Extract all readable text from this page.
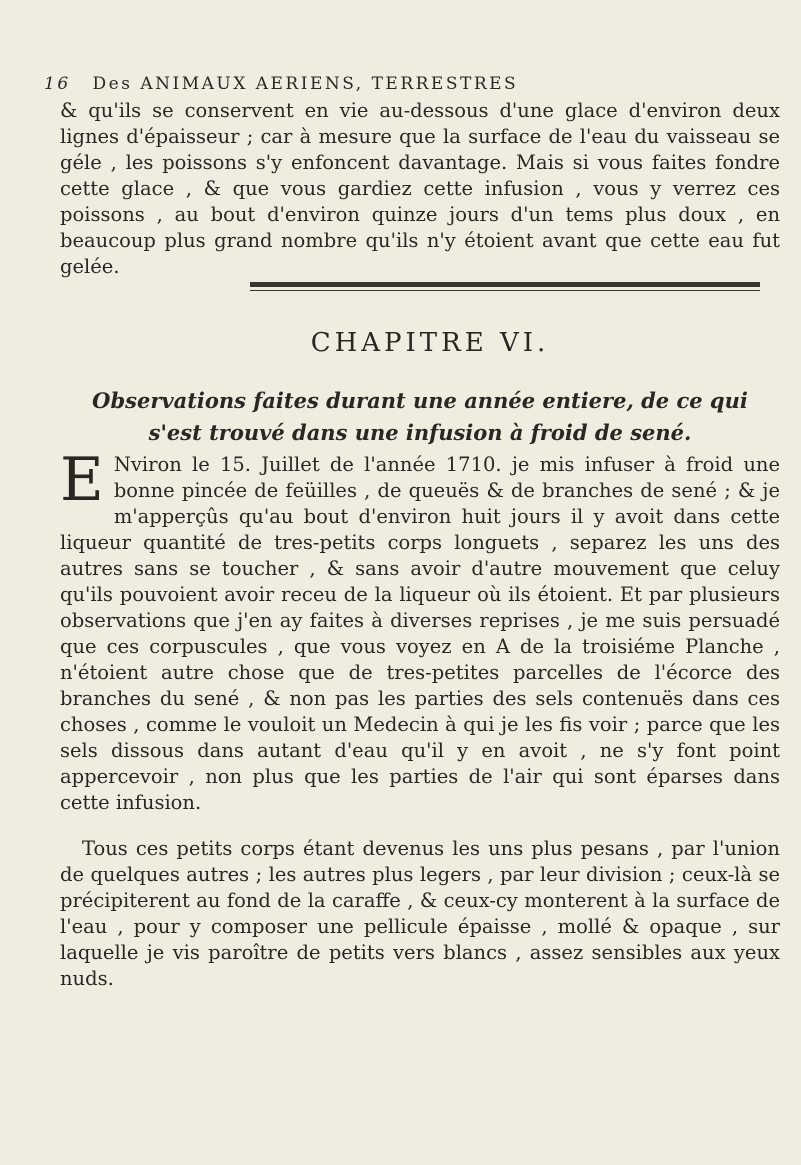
16 Des ANIMAUX AERIENS, TERRESTRES
& qu'ils se conservent en vie au-dessous d'une glace d'environ deux lignes d'épaisseur ; car à mesure que la surface de l'eau du vaisseau se géle , les poissons s'y enfoncent davantage. Mais si vous faites fondre cette glace , & que vous gardiez cette infusion , vous y verrez ces poissons , au bout d'environ quinze jours d'un tems plus doux , en beaucoup plus grand nombre qu'ils n'y étoient avant que cette eau fut gelée.
CHAPITRE VI.
Observations faites durant une année entiere, de ce qui s'est trouvé dans une infusion à froid de sené.
E Nviron le 15. Juillet de l'année 1710. je mis infuser à froid une bonne pincée de feüilles , de queuës & de branches de sené ; & je m'apperçûs qu'au bout d'environ huit jours il y avoit dans cette liqueur quantité de tres-petits corps longuets , separez les uns des autres sans se toucher , & sans avoir d'autre mouvement que celuy qu'ils pouvoient avoir receu de la liqueur où ils étoient. Et par plusieurs observations que j'en ay faites à diverses reprises , je me suis persuadé que ces corpuscules , que vous voyez en A de la troisiéme Planche , n'étoient autre chose que de tres-petites parcelles de l'écorce des branches du sené , & non pas les parties des sels contenuës dans ces choses , comme le vouloit un Medecin à qui je les fis voir ; parce que les sels dissous dans autant d'eau qu'il y en avoit , ne s'y font point appercevoir , non plus que les parties de l'air qui sont éparses dans cette infusion.
Tous ces petits corps étant devenus les uns plus pesans , par l'union de quelques autres ; les autres plus legers , par leur division ; ceux-là se précipiterent au fond de la caraffe , & ceux-cy monterent à la surface de l'eau , pour y composer une pellicule épaisse , mollé & opaque , sur laquelle je vis paroître de petits vers blancs , assez sensibles aux yeux nuds.
